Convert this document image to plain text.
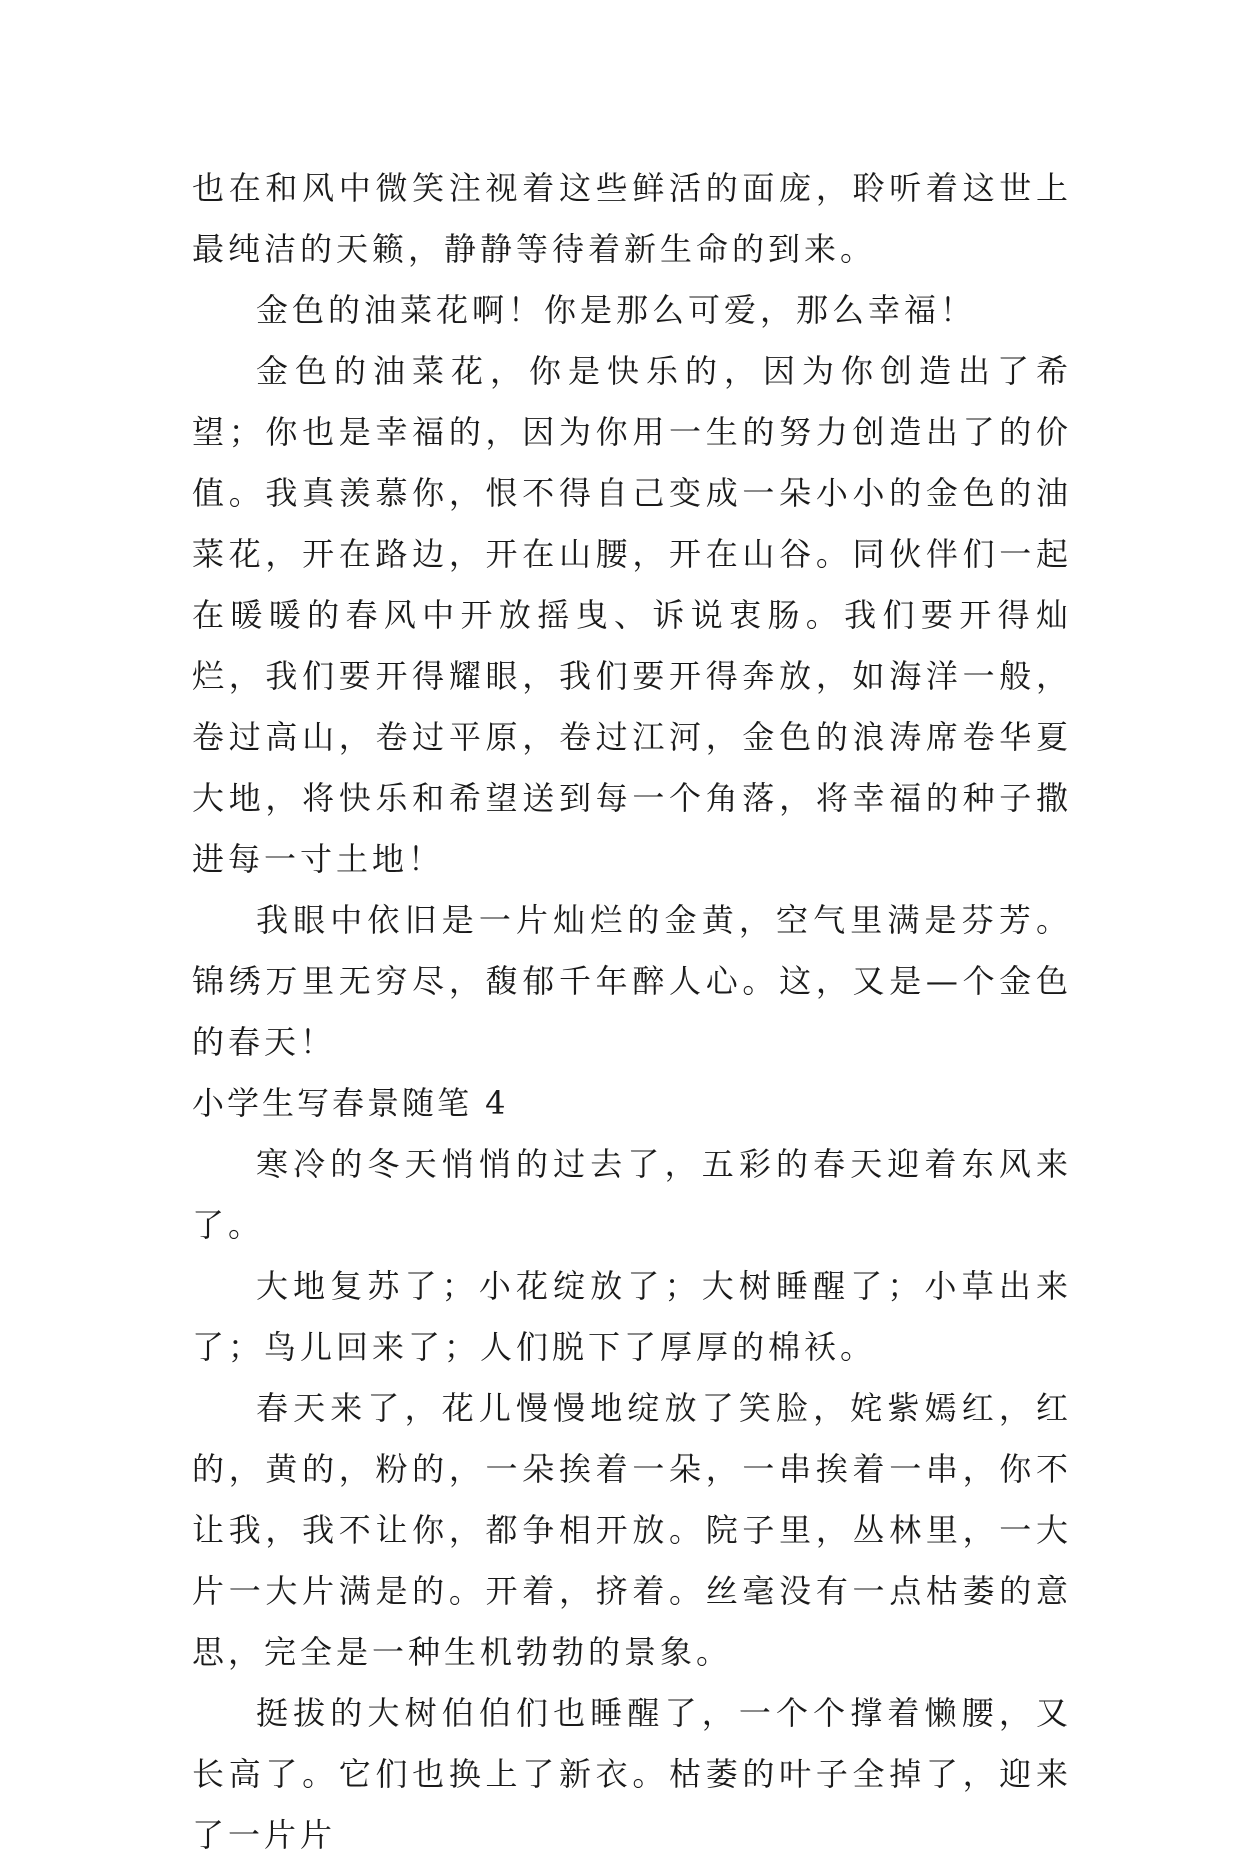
也在和风中微笑注视着这些鲜活的面庞，聆听着这世上最纯洁的天籁，静静等待着新生命的到来。

金色的油菜花啊！你是那么可爱，那么幸福！

金色的油菜花，你是快乐的，因为你创造出了希望；你也是幸福的，因为你用一生的努力创造出了的价值。我真羡慕你，恨不得自己变成一朵小小的金色的油菜花，开在路边，开在山腰，开在山谷。同伙伴们一起在暖暖的春风中开放摇曳、诉说衷肠。我们要开得灿烂，我们要开得耀眼，我们要开得奔放，如海洋一般，卷过高山，卷过平原，卷过江河，金色的浪涛席卷华夏大地，将快乐和希望送到每一个角落，将幸福的种子撒进每一寸土地！

我眼中依旧是一片灿烂的金黄，空气里满是芬芳。锦绣万里无穷尽，馥郁千年醉人心。这，又是—个金色的春天！

小学生写春景随笔 4

寒冷的冬天悄悄的过去了，五彩的春天迎着东风来了。

大地复苏了；小花绽放了；大树睡醒了；小草出来了；鸟儿回来了；人们脱下了厚厚的棉袄。

春天来了，花儿慢慢地绽放了笑脸，姹紫嫣红，红的，黄的，粉的，一朵挨着一朵，一串挨着一串，你不让我，我不让你，都争相开放。院子里，丛林里，一大片一大片满是的。开着，挤着。丝毫没有一点枯萎的意思，完全是一种生机勃勃的景象。

挺拔的大树伯伯们也睡醒了，一个个撑着懒腰，又长高了。它们也换上了新衣。枯萎的叶子全掉了，迎来了一片片
